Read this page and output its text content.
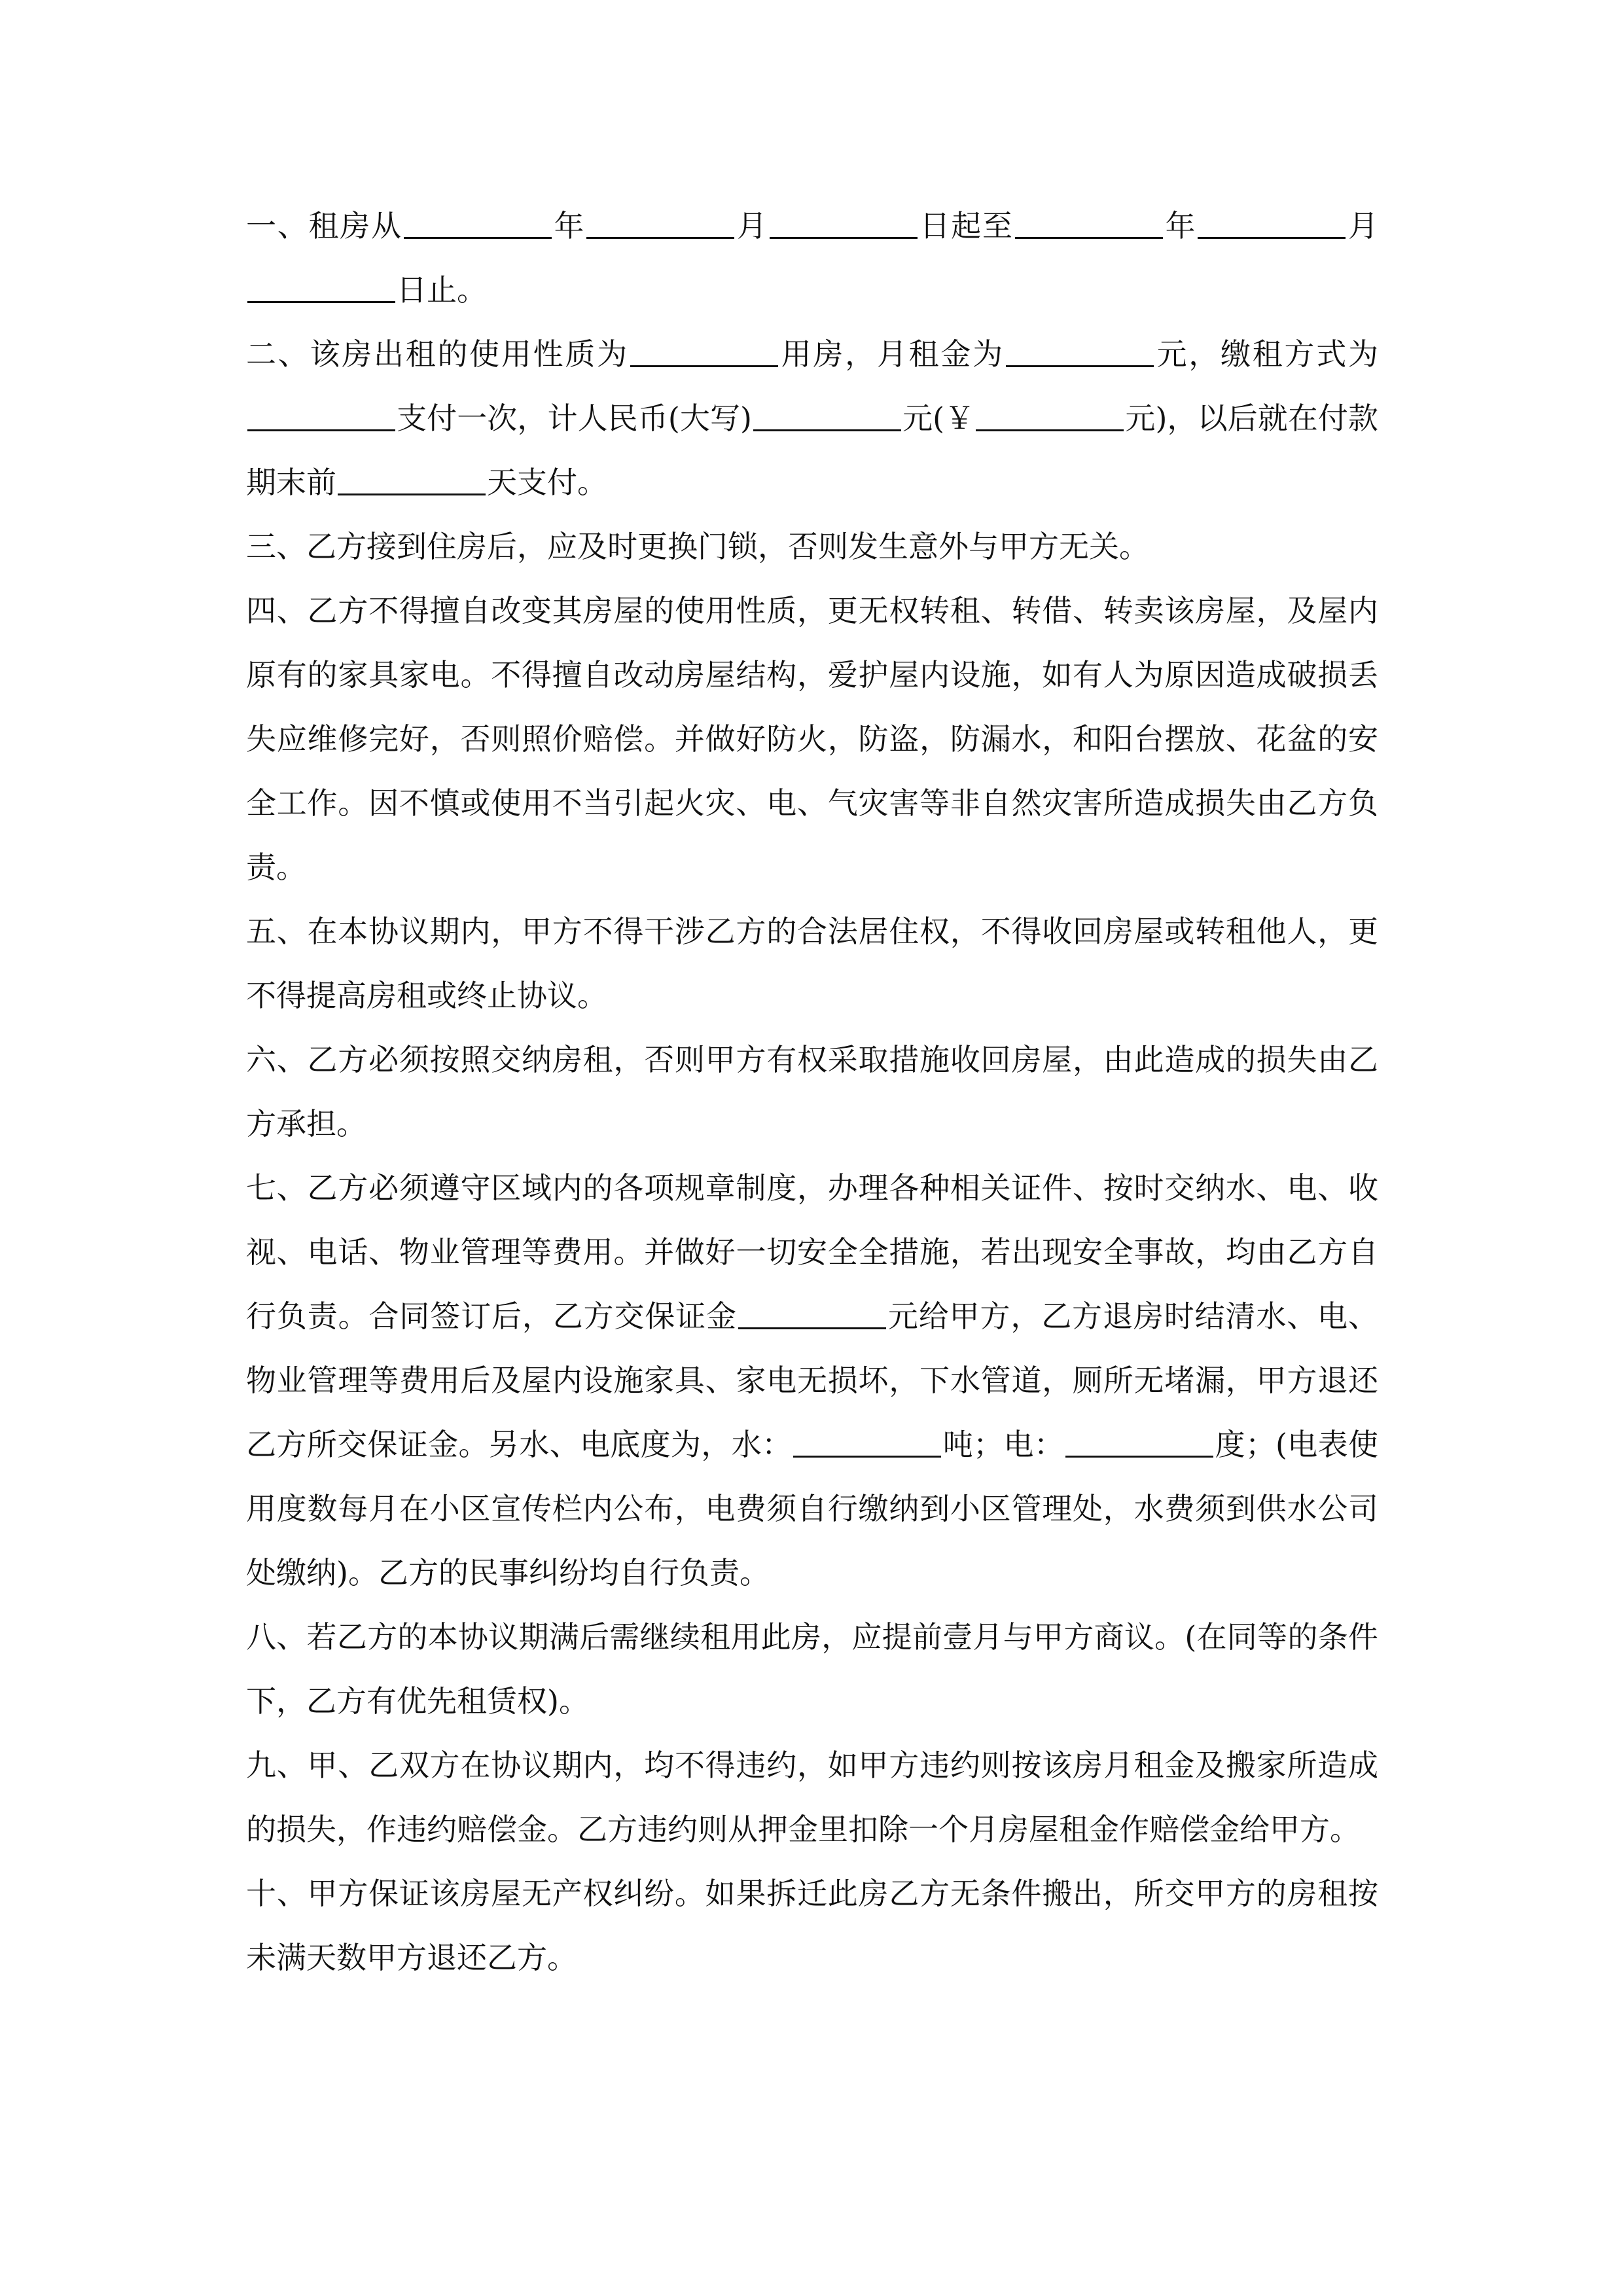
一、租房从	年	月	日起至	年	月日止。

二、该房出租的使用性质为	用房，月租金为	元，缴租方式为支付一次，计人民币(大写)	元(￥	元)，以后就在付款期末前	天支付。

三、乙方接到住房后，应及时更换门锁，否则发生意外与甲方无关。

四、乙方不得擅自改变其房屋的使用性质，更无权转租、转借、转卖该房屋，及屋内原有的家具家电。不得擅自改动房屋结构，爱护屋内设施，如有人为原因造成破损丢失应维修完好，否则照价赔偿。并做好防火，防盗，防漏水，和阳台摆放、花盆的安全工作。因不慎或使用不当引起火灾、电、气灾害等非自然灾害所造成损失由乙方负责。

五、在本协议期内，甲方不得干涉乙方的合法居住权，不得收回房屋或转租他人，更不得提高房租或终止协议。

六、乙方必须按照交纳房租，否则甲方有权采取措施收回房屋，由此造成的损失由乙方承担。

七、乙方必须遵守区域内的各项规章制度，办理各种相关证件、按时交纳水、电、收视、电话、物业管理等费用。并做好一切安全全措施，若出现安全事故，均由乙方自行负责。合同签订后，乙方交保证金	元给甲方，乙方退房时结清水、电、物业管理等费用后及屋内设施家具、家电无损坏，下水管道，厕所无堵漏，甲方退还乙方所交保证金。另水、电底度为，水：	吨；电：	度；(电表使用度数每月在小区宣传栏内公布，电费须自行缴纳到小区管理处，水费须到供水公司处缴纳)。乙方的民事纠纷均自行负责。

八、若乙方的本协议期满后需继续租用此房，应提前壹月与甲方商议。(在同等的条件下，乙方有优先租赁权)。

九、甲、乙双方在协议期内，均不得违约，如甲方违约则按该房月租金及搬家所造成的损失，作违约赔偿金。乙方违约则从押金里扣除一个月房屋租金作赔偿金给甲方。

十、甲方保证该房屋无产权纠纷。如果拆迁此房乙方无条件搬出，所交甲方的房租按未满天数甲方退还乙方。
